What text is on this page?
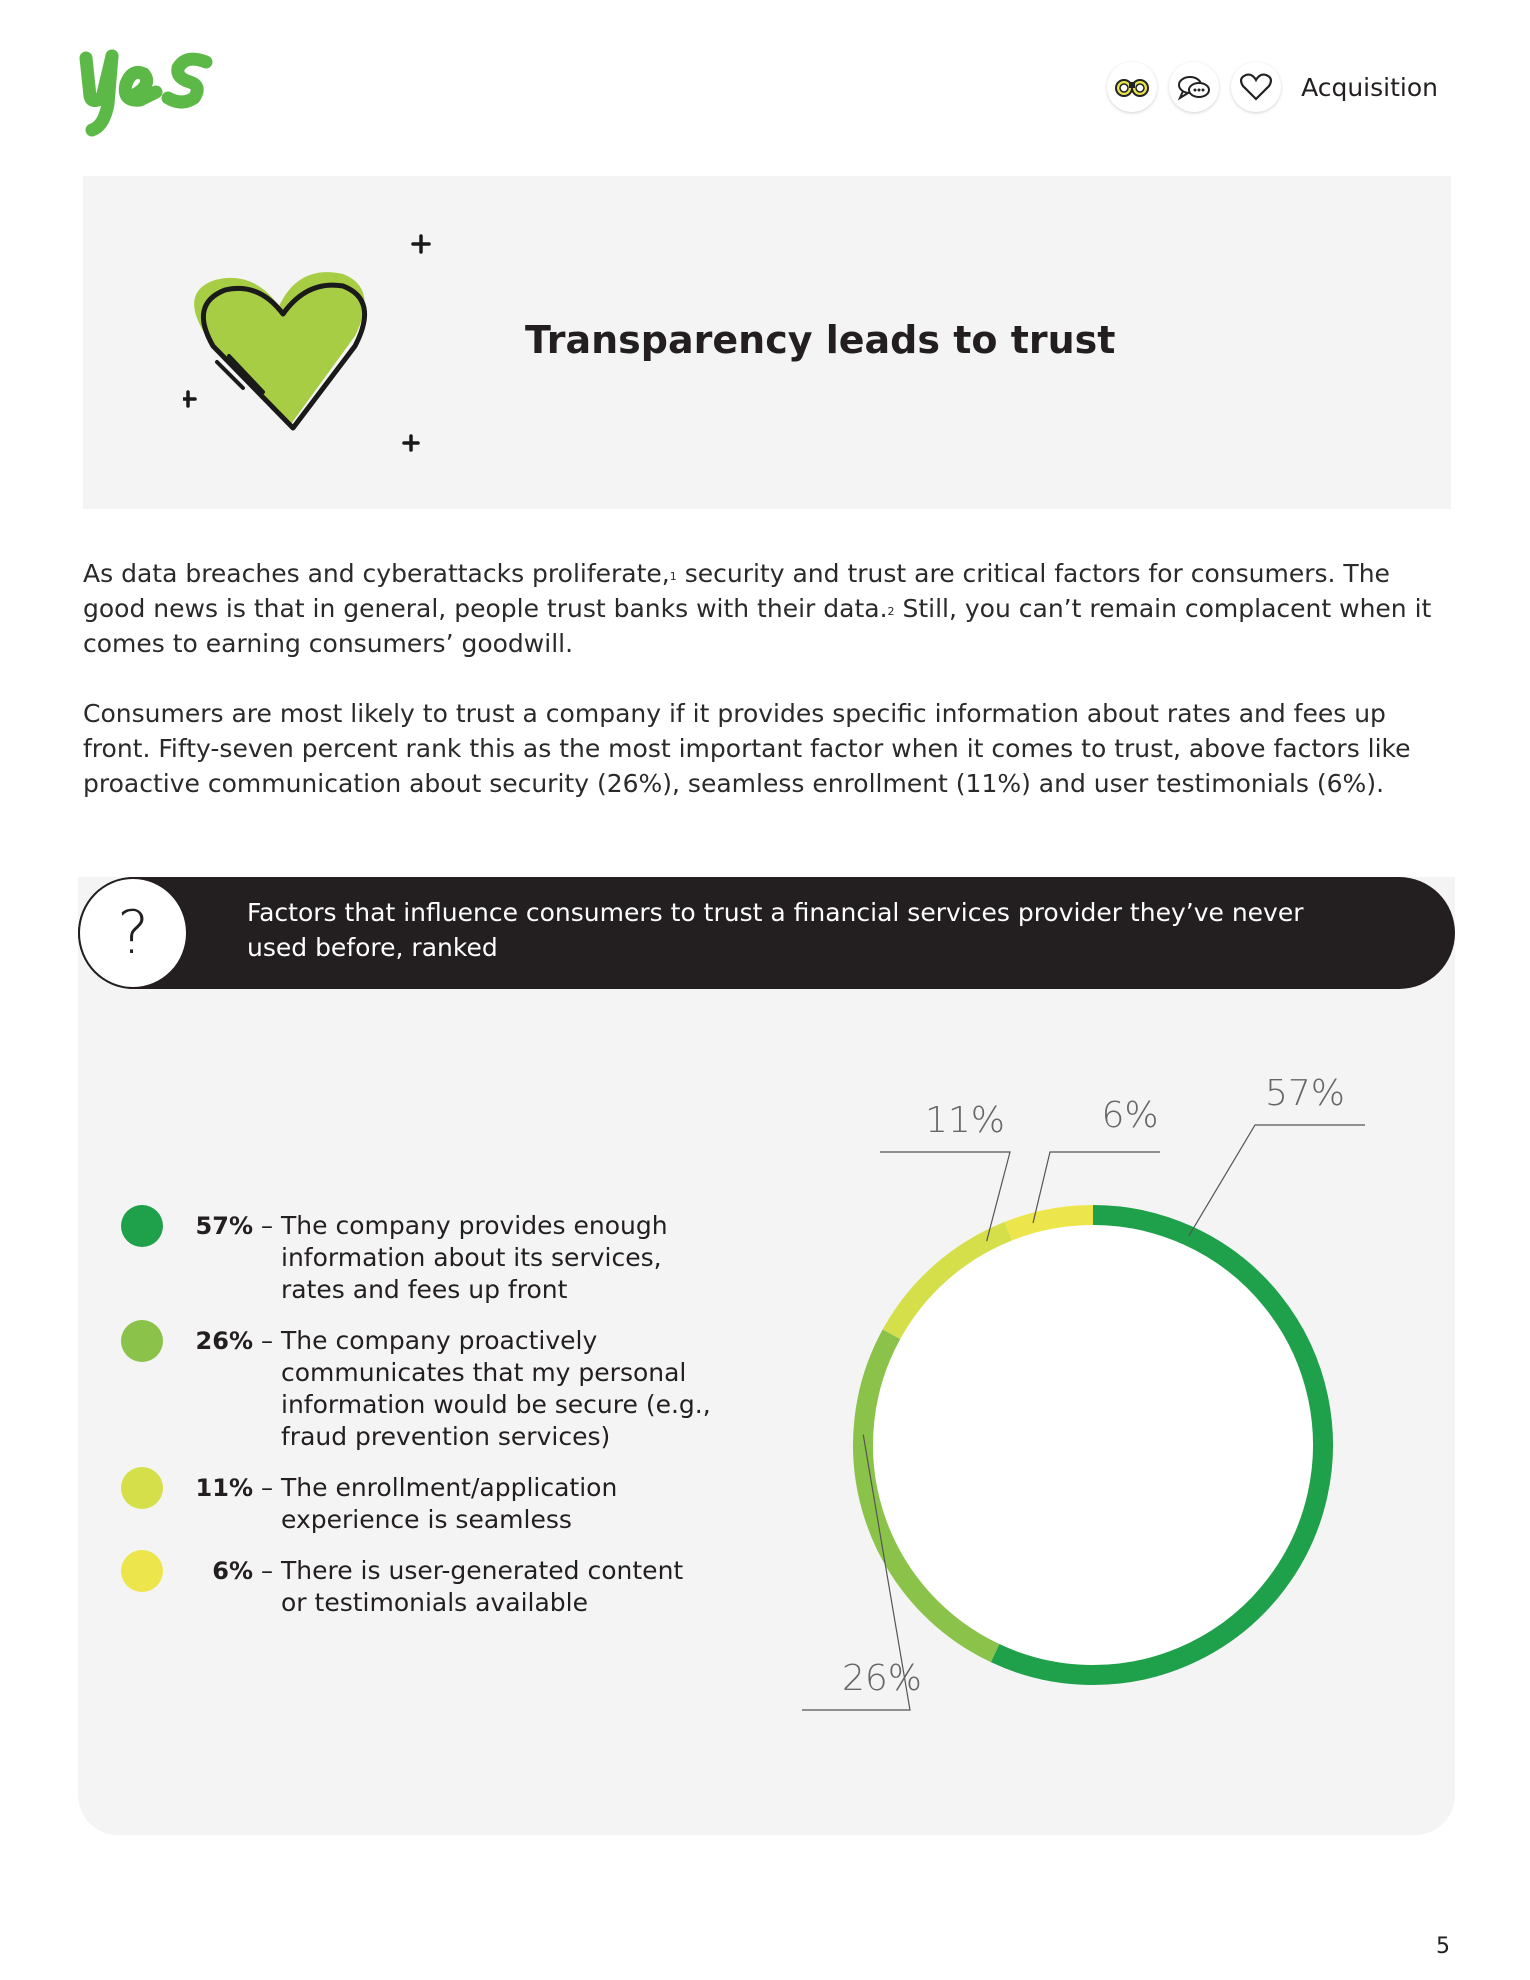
Acquisition
Transparency leads to trust

As data breaches and cyberattacks proliferate,$^1$ security and trust are critical factors for consumers. The good news is that in general, people trust banks with their data.$^2$ Still, you can’t remain complacent when it comes to earning consumers’ goodwill.

Consumers are most likely to trust a company if it provides specific information about rates and fees up front. Fifty-seven percent rank this as the most important factor when it comes to trust, above factors like proactive communication about security (26%), seamless enrollment (11%) and user testimonials (6%).

?	Factors that influence consumers to trust a financial services provider they’ve never used before, ranked

57% – The company provides enough information about its services, rates and fees up front
26% – The company proactively communicates that my personal information would be secure (e.g., fraud prevention services)
11% – The enrollment/application experience is seamless
6% – There is user-generated content or testimonials available
57%
26%
11%	6%
5
